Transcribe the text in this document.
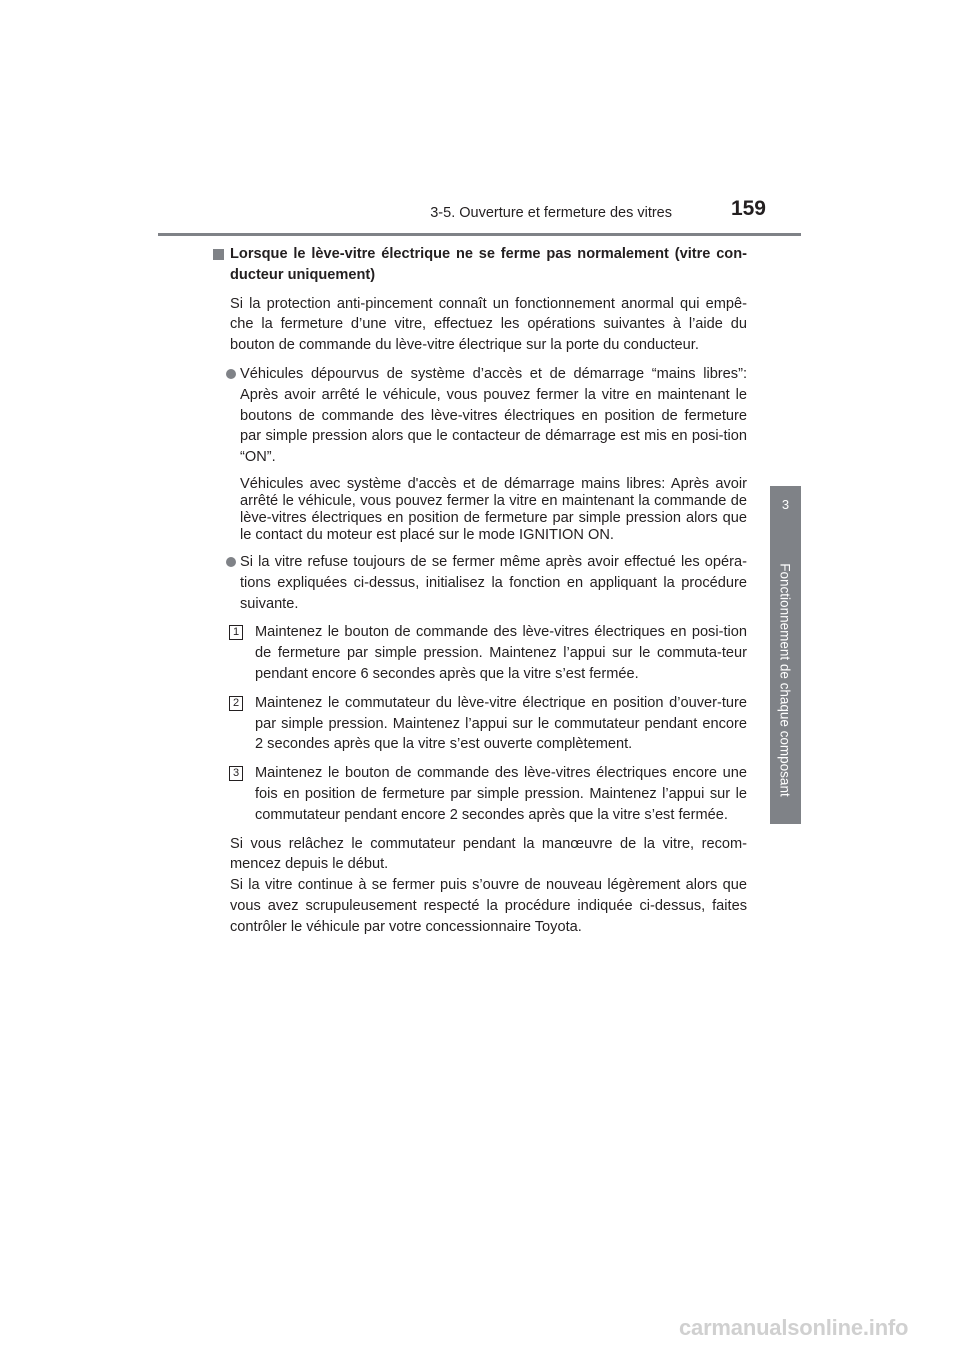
3-5. Ouverture et fermeture des vitres	159
3
Fonctionnement de chaque composant

Lorsque le lève-vitre électrique ne se ferme pas normalement (vitre con-ducteur uniquement)

Si la protection anti-pincement connaît un fonctionnement anormal qui empê-che la fermeture d’une vitre, effectuez les opérations suivantes à l’aide du bouton de commande du lève-vitre électrique sur la porte du conducteur.

Véhicules dépourvus de système d’accès et de démarrage “mains libres”: Après avoir arrêté le véhicule, vous pouvez fermer la vitre en maintenant le boutons de commande des lève-vitres électriques en position de fermeture par simple pression alors que le contacteur de démarrage est mis en posi-tion “ON”.

Véhicules avec système d'accès et de démarrage mains libres: Après avoir arrêté le véhicule, vous pouvez fermer la vitre en maintenant la commande de lève-vitres électriques en position de fermeture par simple pression alors que le contact du moteur est placé sur le mode IGNITION ON.

Si la vitre refuse toujours de se fermer même après avoir effectué les opéra-tions expliquées ci-dessus, initialisez la fonction en appliquant la procédure suivante.

1 Maintenez le bouton de commande des lève-vitres électriques en posi-tion de fermeture par simple pression. Maintenez l’appui sur le commuta-teur pendant encore 6 secondes après que la vitre s’est fermée.

2 Maintenez le commutateur du lève-vitre électrique en position d’ouver-ture par simple pression. Maintenez l’appui sur le commutateur pendant encore 2 secondes après que la vitre s’est ouverte complètement.

3 Maintenez le bouton de commande des lève-vitres électriques encore une fois en position de fermeture par simple pression. Maintenez l’appui sur le commutateur pendant encore 2 secondes après que la vitre s’est fermée.

Si vous relâchez le commutateur pendant la manœuvre de la vitre, recom-mencez depuis le début.

Si la vitre continue à se fermer puis s’ouvre de nouveau légèrement alors que vous avez scrupuleusement respecté la procédure indiquée ci-dessus, faites contrôler le véhicule par votre concessionnaire Toyota.

carmanualsonline.info
